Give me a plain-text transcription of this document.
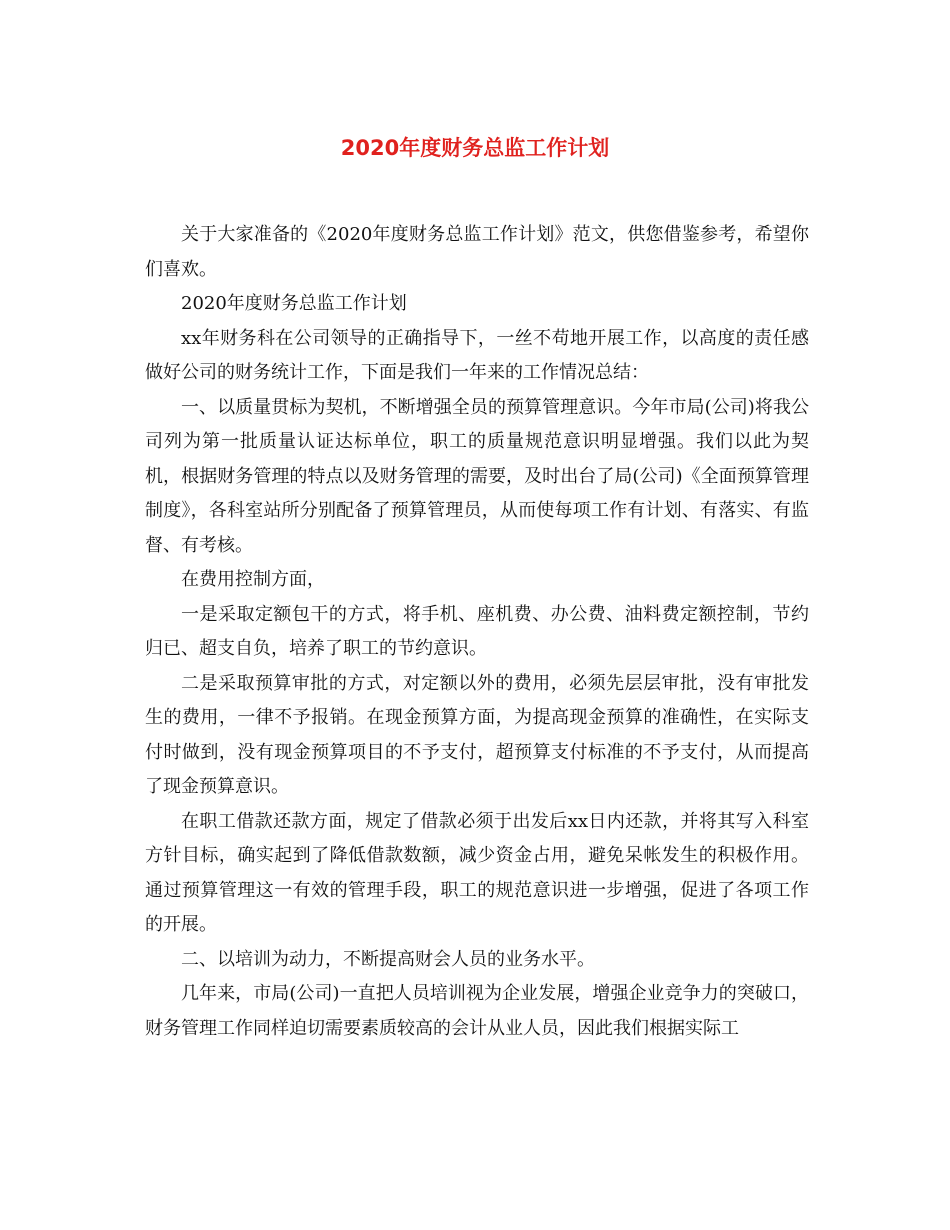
2020年度财务总监工作计划

关于大家准备的《2020年度财务总监工作计划》范文，供您借鉴参考，希望你们喜欢。

2020年度财务总监工作计划

xx年财务科在公司领导的正确指导下，一丝不苟地开展工作，以高度的责任感做好公司的财务统计工作，下面是我们一年来的工作情况总结：

一、以质量贯标为契机，不断增强全员的预算管理意识。今年市局(公司)将我公司列为第一批质量认证达标单位，职工的质量规范意识明显增强。我们以此为契机，根据财务管理的特点以及财务管理的需要，及时出台了局(公司)《全面预算管理制度》，各科室站所分别配备了预算管理员，从而使每项工作有计划、有落实、有监督、有考核。

在费用控制方面，

一是采取定额包干的方式，将手机、座机费、办公费、油料费定额控制，节约归已、超支自负，培养了职工的节约意识。

二是采取预算审批的方式，对定额以外的费用，必须先层层审批，没有审批发生的费用，一律不予报销。在现金预算方面，为提高现金预算的准确性，在实际支付时做到，没有现金预算项目的不予支付，超预算支付标准的不予支付，从而提高了现金预算意识。

在职工借款还款方面，规定了借款必须于出发后xx日内还款，并将其写入科室方针目标，确实起到了降低借款数额，减少资金占用，避免呆帐发生的积极作用。通过预算管理这一有效的管理手段，职工的规范意识进一步增强，促进了各项工作的开展。

二、以培训为动力，不断提高财会人员的业务水平。

几年来，市局(公司)一直把人员培训视为企业发展，增强企业竞争力的突破口，财务管理工作同样迫切需要素质较高的会计从业人员，因此我们根据实际工
